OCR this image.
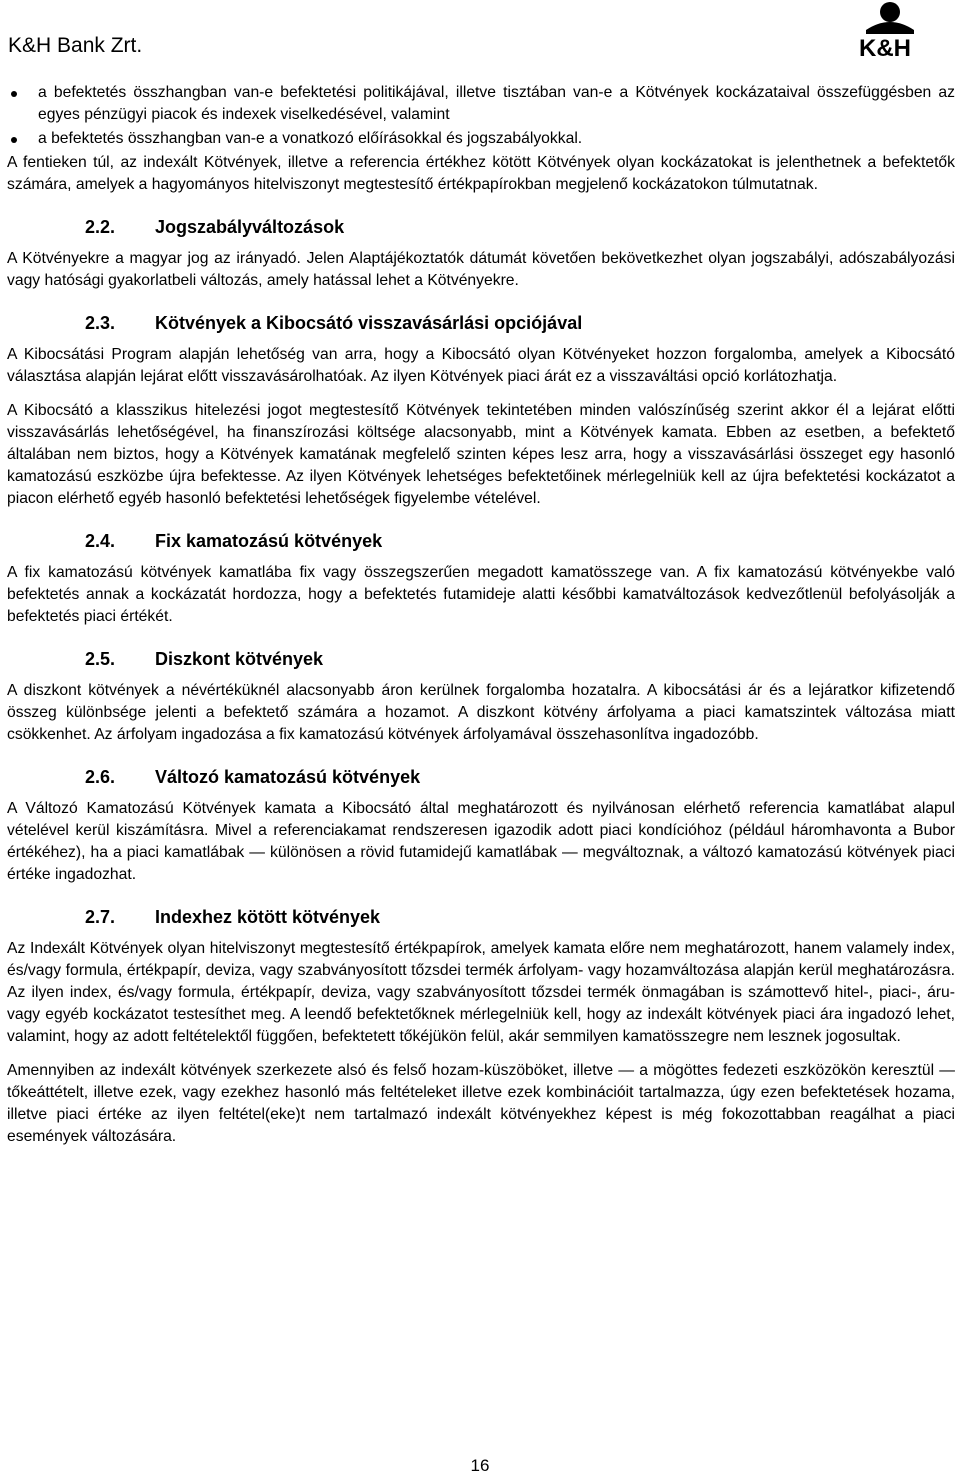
K&H Bank Zrt.	K&H
a befektetés összhangban van-e befektetési politikájával, illetve tisztában van-e a Kötvények kockázataival összefüggésben az egyes pénzügyi piacok és indexek viselkedésével, valamint
a befektetés összhangban van-e a vonatkozó előírásokkal és jogszabályokkal.

A fentieken túl, az indexált Kötvények, illetve a referencia értékhez kötött Kötvények olyan kockázatokat is jelenthetnek a befektetők számára, amelyek a hagyományos hitelviszonyt megtestesítő értékpapírokban megjelenő kockázatokon túlmutatnak.

2.2.	Jogszabályváltozások

A Kötvényekre a magyar jog az irányadó. Jelen Alaptájékoztatók dátumát követően bekövetkezhet olyan jogszabályi, adószabályozási vagy hatósági gyakorlatbeli változás, amely hatással lehet a Kötvényekre.

2.3.	Kötvények a Kibocsátó visszavásárlási opciójával

A Kibocsátási Program alapján lehetőség van arra, hogy a Kibocsátó olyan Kötvényeket hozzon forgalomba, amelyek a Kibocsátó választása alapján lejárat előtt visszavásárolhatóak. Az ilyen Kötvények piaci árát ez a visszaváltási opció korlátozhatja.

A Kibocsátó a klasszikus hitelezési jogot megtestesítő Kötvények tekintetében minden valószínűség szerint akkor él a lejárat előtti visszavásárlás lehetőségével, ha finanszírozási költsége alacsonyabb, mint a Kötvények kamata. Ebben az esetben, a befektető általában nem biztos, hogy a Kötvények kamatának megfelelő szinten képes lesz arra, hogy a visszavásárlási összeget egy hasonló kamatozású eszközbe újra befektesse. Az ilyen Kötvények lehetséges befektetőinek mérlegelniük kell az újra befektetési kockázatot a piacon elérhető egyéb hasonló befektetési lehetőségek figyelembe vételével.

2.4.	Fix kamatozású kötvények

A fix kamatozású kötvények kamatlába fix vagy összegszerűen megadott kamatösszege van. A fix kamatozású kötvényekbe való befektetés annak a kockázatát hordozza, hogy a befektetés futamideje alatti későbbi kamatváltozások kedvezőtlenül befolyásolják a befektetés piaci értékét.

2.5.	Diszkont kötvények

A diszkont kötvények a névértéküknél alacsonyabb áron kerülnek forgalomba hozatalra. A kibocsátási ár és a lejáratkor kifizetendő összeg különbsége jelenti a befektető számára a hozamot. A diszkont kötvény árfolyama a piaci kamatszintek változása miatt csökkenhet. Az árfolyam ingadozása a fix kamatozású kötvények árfolyamával összehasonlítva ingadozóbb.

2.6.	Változó kamatozású kötvények

A Változó Kamatozású Kötvények kamata a Kibocsátó által meghatározott és nyilvánosan elérhető referencia kamatlábat alapul vételével kerül kiszámításra. Mivel a referenciakamat rendszeresen igazodik adott piaci kondícióhoz (például háromhavonta a Bubor értékéhez), ha a piaci kamatlábak — különösen a rövid futamidejű kamatlábak — megváltoznak, a változó kamatozású kötvények piaci értéke ingadozhat.

2.7.	Indexhez kötött kötvények

Az Indexált Kötvények olyan hitelviszonyt megtestesítő értékpapírok, amelyek kamata előre nem meghatározott, hanem valamely index, és/vagy formula, értékpapír, deviza, vagy szabványosított tőzsdei termék árfolyam- vagy hozamváltozása alapján kerül meghatározásra. Az ilyen index, és/vagy formula, értékpapír, deviza, vagy szabványosított tőzsdei termék önmagában is számottevő hitel-, piaci-, áru- vagy egyéb kockázatot testesíthet meg. A leendő befektetőknek mérlegelniük kell, hogy az indexált kötvények piaci ára ingadozó lehet, valamint, hogy az adott feltételektől függően, befektetett tőkéjükön felül, akár semmilyen kamatösszegre nem lesznek jogosultak.

Amennyiben az indexált kötvények szerkezete alsó és felső hozam-küszöböket, illetve — a mögöttes fedezeti eszközökön keresztül — tőkeáttételt, illetve ezek, vagy ezekhez hasonló más feltételeket illetve ezek kombinációit tartalmazza, úgy ezen befektetések hozama, illetve piaci értéke az ilyen feltétel(eke)t nem tartalmazó indexált kötvényekhez képest is még fokozottabban reagálhat a piaci események változására.

16
